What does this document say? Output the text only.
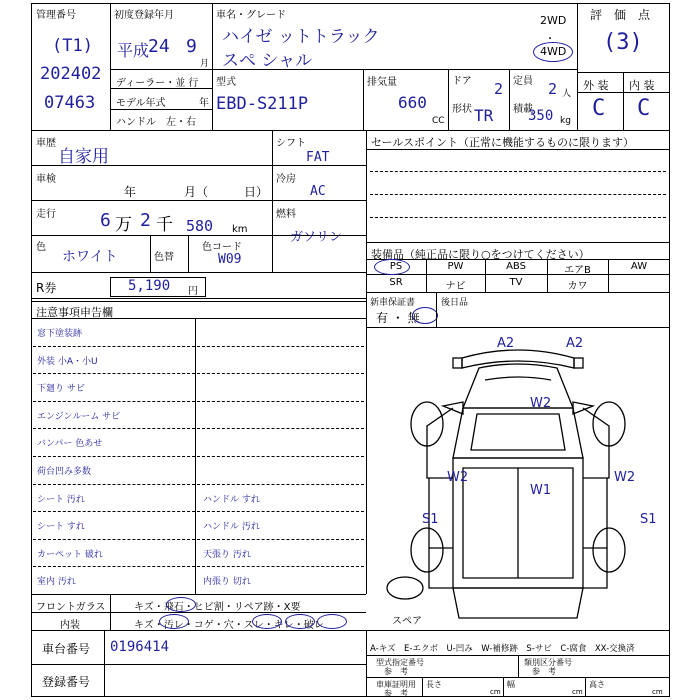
管理番号
(T1)
202402
07463
初度登録年月
平成
24 9
月
ディーラー・並 行
モデル年式	年
ハンドル　左・右
車名・グレード
ハイゼ ットトラック
スペ シャル
2WD
・
4WD
型式
EBD-S211P
排気量
660
CC
ドア 2
形状 TR
定員 2 人
積載
350 kg
評　価　点
(3)
外 装 内 装
C C
車歴
自家用
車検
年　　　　月（　　　日）
走行 6 万 2 千 580 km
色
ホワイト	色替
色コード
W09
シフト
FAT
冷房
AC
燃料
ガソリン
R券	5,190 円
セールスポイント（正常に機能するものに限ります）
装備品（純正品に限り○をつけてください）
PS	PW	ABS	エアB	AW
SR	ナビ	TV	カワ
新車保証書
有 ・ 無
後日品
注意事項申告欄
窓下塗装跡
外装 小A・小U
下廻り サビ
エンジンルーム サビ
バンパー 色あせ
荷台凹み多数
シート 汚れ	ハンドル すれ
シート すれ	ハンドル 汚れ
カーペット 破れ	天張り 汚れ
室内 汚れ	内張り 切れ
フロントガラス	キズ・飛石・ヒビ割・リペア跡・X要
内装	キズ・汚レ・コゲ・穴・スレ・キレ・破レ
A2	A2
W2
W2
W1
W2
S1	S1
スペア
車台番号 0196414
登録番号
A-キズ　E-エクボ　U-凹み　W-補修跡　S-サビ　C-腐食　XX-交換済
型式指定番号
参　考
類別区分番号
参　考
車庫証明用
参　考
長さ
cm
幅
cm
高さ
cm
